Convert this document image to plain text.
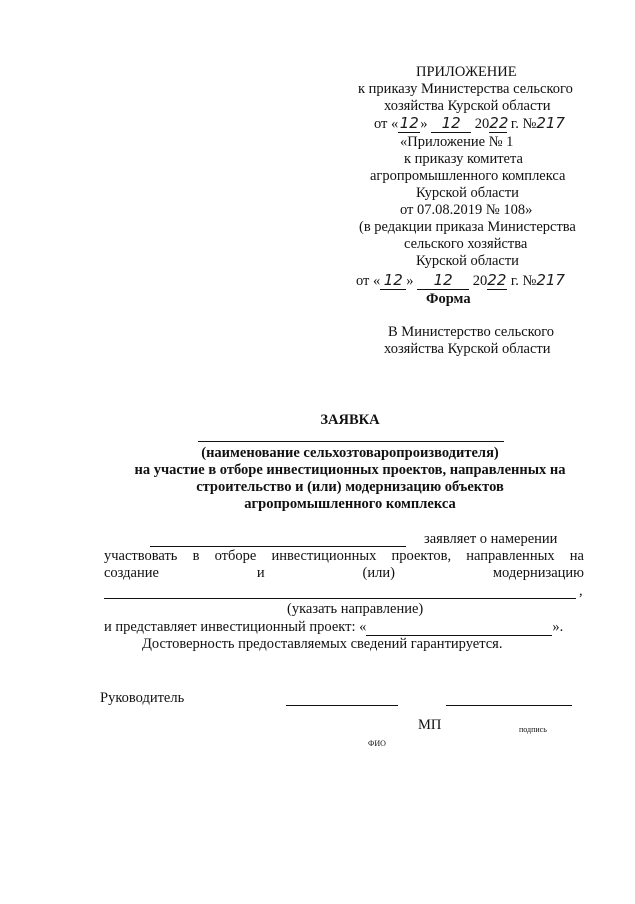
ПРИЛОЖЕНИЕ
к приказу Министерства сельского
хозяйства Курской области
от «12» 12 2022 г. №217
«Приложение № 1
к приказу комитета
агропромышленного комплекса
Курской области
от 07.08.2019 № 108»
(в редакции приказа Министерства
сельского хозяйства
Курской области
от « 12 » 12 2022 г. №217
Форма
В Министерство сельского
хозяйства Курской области
ЗАЯВКА
(наименование сельхозтоваропроизводителя)
на участие в отборе инвестиционных проектов, направленных на
строительство и (или) модернизацию объектов
агропромышленного комплекса
заявляет о намерении
участвовать в отборе инвестиционных проектов, направленных на
создание	и	(или)	модернизацию
,
(указать направление)
и представляет инвестиционный проект: «	».
Достоверность предоставляемых сведений гарантируется.
Руководитель
МП	подпись
ФИО
